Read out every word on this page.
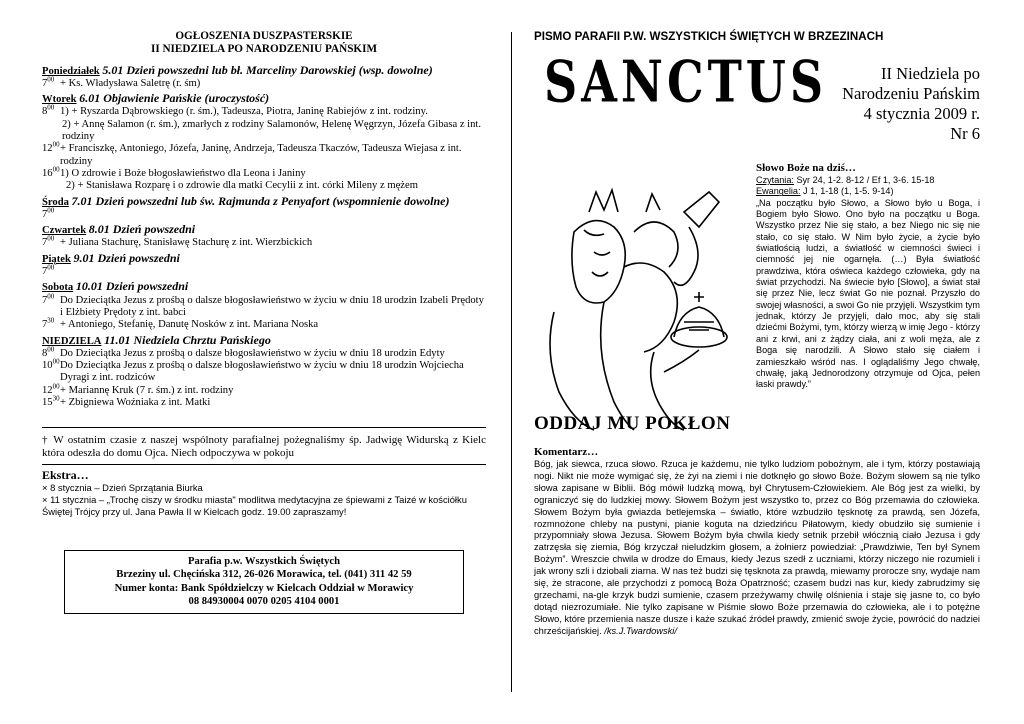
OGŁOSZENIA DUSZPASTERSKIE
II NIEDZIELA PO NARODZENIU PAŃSKIM
Poniedziałek 5.01 Dzień powszedni lub bł. Marceliny Darowskiej (wsp. dowolne)
$7^{00} + Ks$. Władysława Saletrę (r. śm)
Wtorek 6.01 Objawienie Pańskie (uroczystość)
$8^{00}$ 1) + Ryszarda Dąbrowskiego (r. śm.), Tadeusza, Piotra, Janinę Rabiejów z int. rodziny.
2) + Annę Salamon (r. śm.), zmarłych z rodziny Salamonów, Helenę Węgrzyn, Józefa Gibasa z int. rodziny
$12^{00}$ + Franciszkę, Antoniego, Józefa, Janinę, Andrzeja, Tadeusza Tkaczów, Tadeusza Wiejasa z int. rodziny
$16^{00}$ 1) O zdrowie i Boże błogosławieństwo dla Leona i Janiny
2) + Stanisława Rozparę i o zdrowie dla matki Cecylii z int. córki Mileny z mężem
Środa 7.01 Dzień powszedni lub św. Rajmunda z Penyafort (wspomnienie dowolne)
$7^{00}$
Czwartek 8.01 Dzień powszedni
$7^{00}$ + Juliana Stachurę, Stanisławę Stachurę z int. Wierzbickich
Piątek 9.01 Dzień powszedni
$7^{00}$
Sobota 10.01 Dzień powszedni
$7^{00}$ Do Dzieciątka Jezus z prośbą o dalsze błogosławieństwo w życiu w dniu 18 urodzin Izabeli Prędoty i Elżbiety Prędoty z int. babci
$7^{30}$ + Antoniego, Stefanię, Danutę Nosków z int. Mariana Noska
NIEDZIELA 11.01 Niedziela Chrztu Pańskiego
$8^{00}$ Do Dzieciątka Jezus z prośbą o dalsze błogosławieństwo w życiu w dniu 18 urodzin Edyty
$10^{00}$ Do Dzieciątka Jezus z prośbą o dalsze błogosławieństwo w życiu w dniu 18 urodzin Wojciecha Dyragi z int. rodziców
$12^{00}$ + Mariannę Kruk (7 r. śm.) z int. rodziny
$15^{30}$ + Zbigniewa Woźniaka z int. Matki
† W ostatnim czasie z naszej wspólnoty parafialnej pożegnaliśmy śp. Jadwigę Widurską z Kielc która odeszła do domu Ojca. Niech odpoczywa w pokoju
Ekstra…
× 8 stycznia – Dzień Sprzątania Biurka
× 11 stycznia – „Trochę ciszy w środku miasta" modlitwa medytacyjna ze śpiewami z Taizé w kościółku Świętej Trójcy przy ul. Jana Pawła II w Kielcach godz. 19.00 zapraszamy!
Parafia p.w. Wszystkich Świętych
Brzeziny ul. Chęcińska 312, 26-026 Morawica, tel. (041) 311 42 59
Numer konta: Bank Spółdzielczy w Kielcach Oddział w Morawicy
08 84930004 0070 0205 4104 0001
PISMO PARAFII P.W. WSZYSTKICH ŚWIĘTYCH W BRZEZINACH
SANCTUS	II Niedziela po
Narodzeniu Pańskim
4 stycznia 2009 r.
Nr 6
ODDAJ MU POKŁON
Słowo Boże na dziś…
Czytania: Syr 24, 1-2. 8-12 / Ef 1, 3-6. 15-18
Ewangelia: J 1, 1-18 (1, 1-5. 9-14)
„Na początku było Słowo, a Słowo było u Boga, i Bogiem było Słowo. Ono było na początku u Boga. Wszystko przez Nie się stało, a bez Niego nic się nie stało, co się stało. W Nim było życie, a życie było światłością ludzi, a światłość w ciemności świeci i ciemność jej nie ogarnęła. (…) Była światłość prawdziwa, która oświeca każdego człowieka, gdy na świat przychodzi. Na świecie było [Słowo], a świat stał się przez Nie, lecz świat Go nie poznał. Przyszło do swojej własności, a swoi Go nie przyjęli. Wszystkim tym jednak, którzy Je przyjęli, dało moc, aby się stali dziećmi Bożymi, tym, którzy wierzą w imię Jego - którzy ani z krwi, ani z żądzy ciała, ani z woli męża, ale z Boga się narodzili. A Słowo stało się ciałem i zamieszkało wśród nas. I oglądaliśmy Jego chwałę, chwałę, jaką Jednorodzony otrzymuje od Ojca, pełen łaski prawdy.”
Komentarz…
Bóg, jak siewca, rzuca słowo. Rzuca je każdemu, nie tylko ludziom pobożnym, ale i tym, którzy postawiają nogi. Nikt nie może wymigać się, że żyi na ziemi i nie dotknęło go słowo Boże. Bożym słowem są nie tylko słowa zapisane w Biblii. Bóg mówił ludzką mową, był Chrytusem-Człowiekiem. Ale Bóg jest za wielki, by ograniczyć się do ludzkiej mowy. Słowem Bożym jest wszystko to, przez co Bóg przemawia do człowieka. Słowem Bożym była gwiazda betlejemska – światło, które wzbudziło tęsknotę za prawdą, sen Józefa, rozmnożone chleby na pustyni, pianie koguta na dziedzińcu Piłatowym, kiedy obudziło się sumienie i przypomniały słowa Jezusa. Słowem Bożym była chwila kiedy setnik przebił włócznią ciało Jezusa i gdy zatrzęsła się ziemia, Bóg krzyczał nieludzkim głosem, a żołnierz powiedział: „Prawdziwie, Ten był Synem Bożym”. Wreszcie chwila w drodze do Emaus, kiedy Jezus szedł z uczniami, którzy niczego nie rozumieli i jak wrony szli i dziobali ziarna. W nas też budzi się tęsknota za prawdą, miewamy prorocze sny, wydaje nam się, że stracone, ale przychodzi z pomocą Boża Opatrzność; czasem budzi nas kur, kiedy zabrudzimy się grzechami, na-gle krzyk budzi sumienie, czasem przeżywamy chwilę olśnienia i staje się jasne to, co było dotąd niezrozumiałe. Nie tylko zapisane w Piśmie słowo Boże przemawia do człowieka, ale i to potężne Słowo, które przemienia nasze dusze i każe szukać źródeł prawdy, zmienić swoje życie, powrócić do nadziei chrześcijańskiej. /ks.J.Twardowski/
